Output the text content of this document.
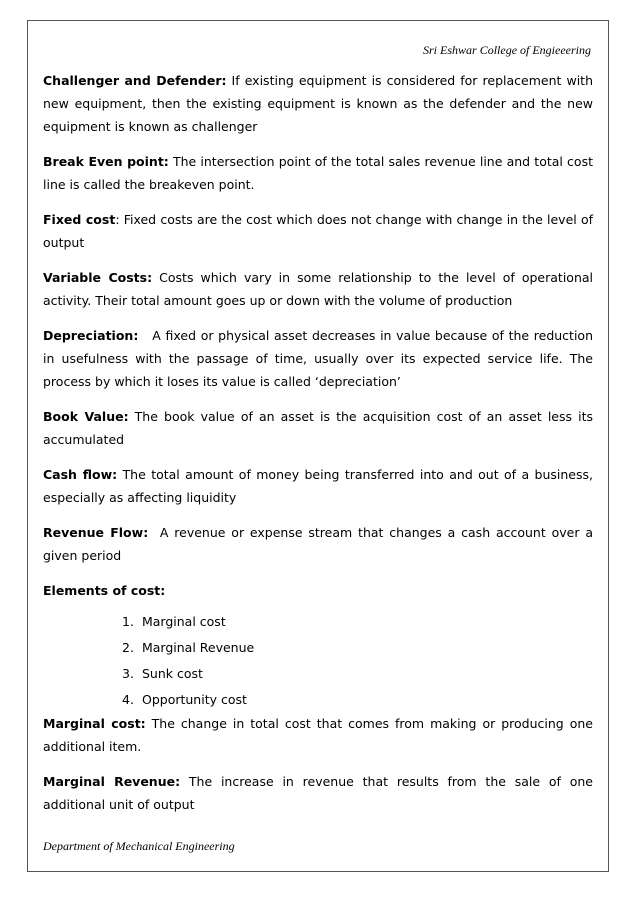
Sri Eshwar College of Engieeering

Challenger and Defender: If existing equipment is considered for replacement with new equipment, then the existing equipment is known as the defender and the new equipment is known as challenger

Break Even point: The intersection point of the total sales revenue line and total cost line is called the breakeven point.

Fixed cost: Fixed costs are the cost which does not change with change in the level of output

Variable Costs: Costs which vary in some relationship to the level of operational activity. Their total amount goes up or down with the volume of production

Depreciation:   A fixed or physical asset decreases in value because of the reduction in usefulness with the passage of time, usually over its expected service life. The process by which it loses its value is called ‘depreciation’

Book Value: The book value of an asset is the acquisition cost of an asset less its accumulated

Cash flow: The total amount of money being transferred into and out of a business, especially as affecting liquidity

Revenue Flow:  A revenue or expense stream that changes a cash account over a given period

Elements of cost:

1. Marginal cost
2. Marginal Revenue
3. Sunk cost
4. Opportunity cost

Marginal cost: The change in total cost that comes from making or producing one additional item.

Marginal Revenue: The increase in revenue that results from the sale of one additional unit of output

Department of Mechanical Engineering
